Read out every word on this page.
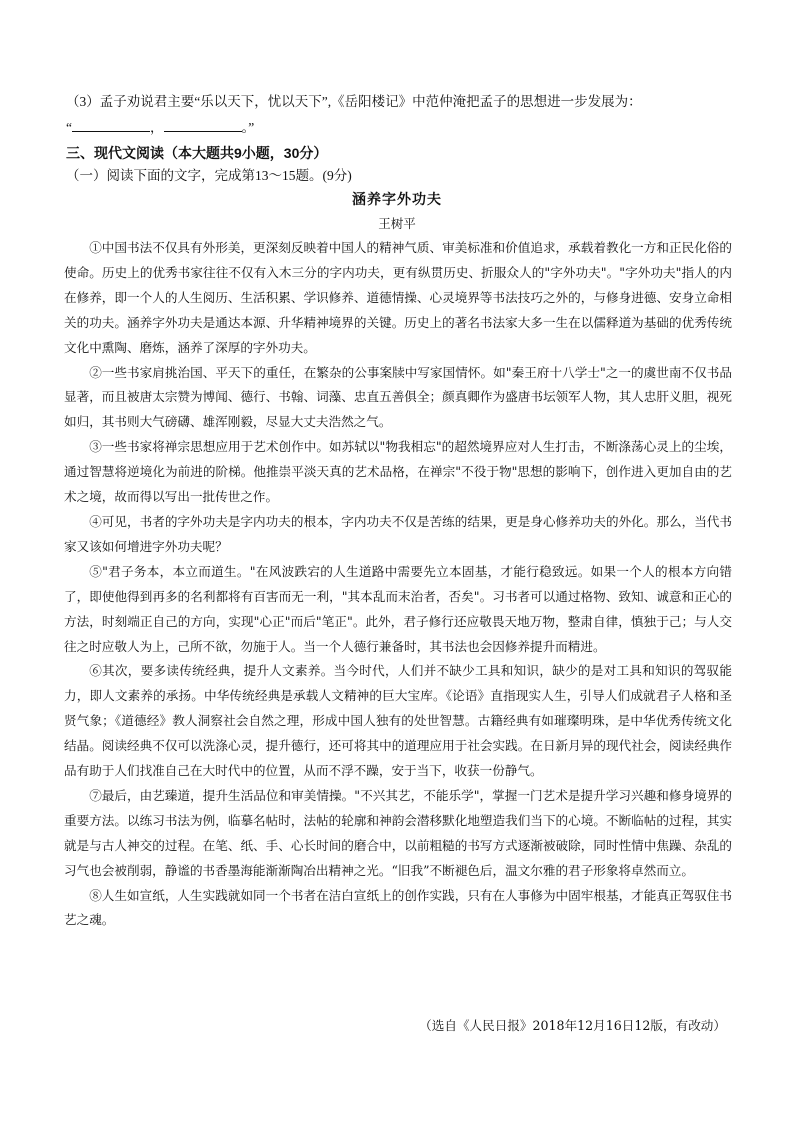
（3）孟子劝说君主要“乐以天下，忧以天下”,《岳阳楼记》中范仲淹把孟子的思想进一步发展为：
“	，	。”
三、现代文阅读（本大题共9小题，30分）
（一）阅读下面的文字，完成第13～15题。(9分)
涵养字外功夫
王树平

①中国书法不仅具有外形美，更深刻反映着中国人的精神气质、审美标准和价值追求，承载着教化一方和正民化俗的使命。历史上的优秀书家往往不仅有入木三分的字内功夫，更有纵贯历史、折服众人的"字外功夫"。"字外功夫"指人的内在修养，即一个人的人生阅历、生活积累、学识修养、道德情操、心灵境界等书法技巧之外的，与修身进德、安身立命相关的功夫。涵养字外功夫是通达本源、升华精神境界的关键。历史上的著名书法家大多一生在以儒释道为基础的优秀传统文化中熏陶、磨炼，涵养了深厚的字外功夫。

②一些书家肩挑治国、平天下的重任，在繁杂的公事案牍中写家国情怀。如"秦王府十八学士"之一的虞世南不仅书品显著，而且被唐太宗赞为博闻、德行、书翰、词藻、忠直五善俱全；颜真卿作为盛唐书坛领军人物，其人忠肝义胆，视死如归，其书则大气磅礴、雄浑刚毅，尽显大丈夫浩然之气。

③一些书家将禅宗思想应用于艺术创作中。如苏轼以"物我相忘"的超然境界应对人生打击，不断涤荡心灵上的尘埃，通过智慧将逆境化为前进的阶梯。他推崇平淡天真的艺术品格，在禅宗"不役于物"思想的影响下，创作进入更加自由的艺术之境，故而得以写出一批传世之作。

④可见，书者的字外功夫是字内功夫的根本，字内功夫不仅是苦练的结果，更是身心修养功夫的外化。那么，当代书家又该如何增进字外功夫呢？

⑤"君子务本，本立而道生。"在风波跌宕的人生道路中需要先立本固基，才能行稳致远。如果一个人的根本方向错了，即使他得到再多的名利都将有百害而无一利，"其本乱而末治者，否矣"。习书者可以通过格物、致知、诚意和正心的方法，时刻端正自己的方向，实现"心正"而后"笔正"。此外，君子修行还应敬畏天地万物，整肃自律，慎独于己；与人交往之时应敬人为上，己所不欲，勿施于人。当一个人德行兼备时，其书法也会因修养提升而精进。

⑥其次，要多读传统经典，提升人文素养。当今时代，人们并不缺少工具和知识，缺少的是对工具和知识的驾驭能力，即人文素养的承扬。中华传统经典是承载人文精神的巨大宝库。《论语》直指现实人生，引导人们成就君子人格和圣贤气象；《道德经》教人洞察社会自然之理，形成中国人独有的处世智慧。古籍经典有如璀璨明珠，是中华优秀传统文化结晶。阅读经典不仅可以洗涤心灵，提升德行，还可将其中的道理应用于社会实践。在日新月异的现代社会，阅读经典作品有助于人们找准自己在大时代中的位置，从而不浮不躁，安于当下，收获一份静气。

⑦最后，由艺臻道，提升生活品位和审美情操。"不兴其艺，不能乐学"，掌握一门艺术是提升学习兴趣和修身境界的重要方法。以练习书法为例，临摹名帖时，法帖的轮廓和神韵会潜移默化地塑造我们当下的心境。不断临帖的过程，其实就是与古人神交的过程。在笔、纸、手、心长时间的磨合中，以前粗糙的书写方式逐渐被破除，同时性情中焦躁、杂乱的习气也会被削弱，静谧的书香墨海能渐渐陶冶出精神之光。“旧我”不断褪色后，温文尔雅的君子形象将卓然而立。

⑧人生如宣纸，人生实践就如同一个书者在洁白宣纸上的创作实践，只有在人事修为中固牢根基，才能真正驾驭住书艺之魂。

（选自《人民日报》2018年12月16日12版，有改动）
